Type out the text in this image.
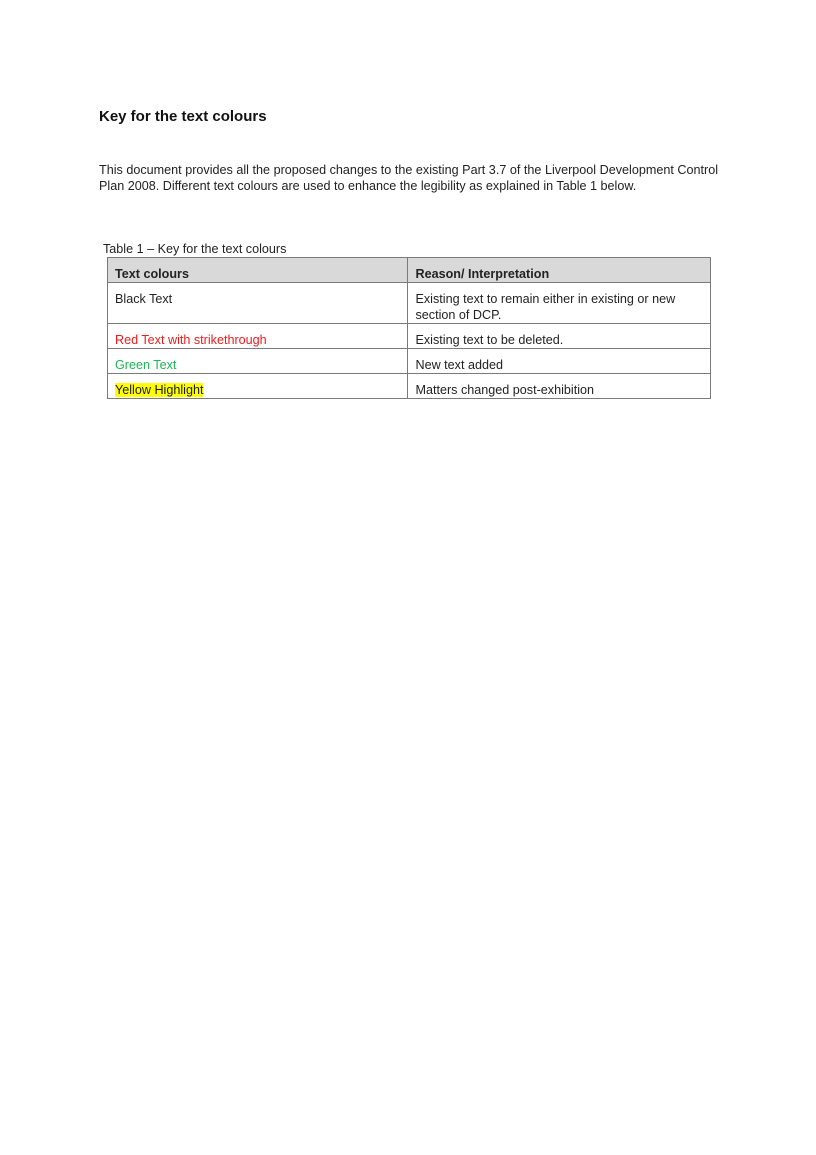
Key for the text colours

This document provides all the proposed changes to the existing Part 3.7 of the Liverpool Development Control Plan 2008. Different text colours are used to enhance the legibility as explained in Table 1 below.

Table 1 – Key for the text colours

Text colours	Reason/ Interpretation
Black Text	Existing text to remain either in existing or new section of DCP.
Red Text with strikethrough	Existing text to be deleted.
Green Text	New text added
Yellow Highlight	Matters changed post-exhibition
